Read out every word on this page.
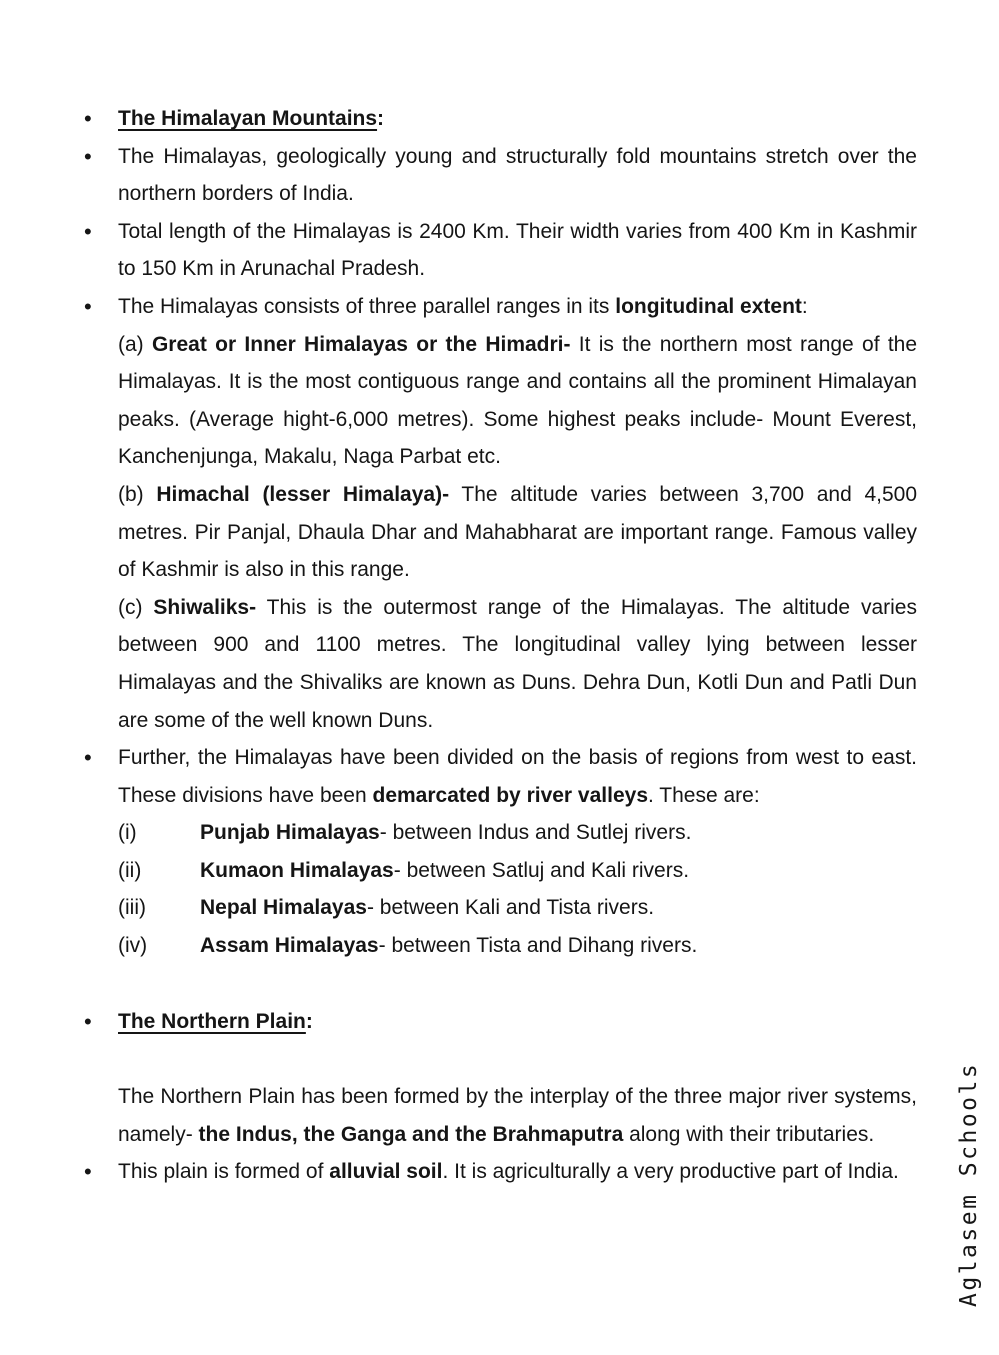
•	The Himalayan Mountains:
•	The Himalayas, geologically young and structurally fold mountains stretch over the northern borders of India.
•	Total length of the Himalayas is 2400 Km. Their width varies from 400 Km in Kashmir to 150 Km in Arunachal Pradesh.
•	The Himalayas consists of three parallel ranges in its longitudinal extent:
(a) Great or Inner Himalayas or the Himadri- It is the northern most range of the Himalayas. It is the most contiguous range and contains all the prominent Himalayan peaks. (Average hight-6,000 metres). Some highest peaks include- Mount Everest, Kanchenjunga, Makalu, Naga Parbat etc.
(b) Himachal (lesser Himalaya)- The altitude varies between 3,700 and 4,500 metres. Pir Panjal, Dhaula Dhar and Mahabharat are important range. Famous valley of Kashmir is also in this range.
(c) Shiwaliks- This is the outermost range of the Himalayas. The altitude varies between 900 and 1100 metres. The longitudinal valley lying between lesser Himalayas and the Shivaliks are known as Duns. Dehra Dun, Kotli Dun and Patli Dun are some of the well known Duns.
•	Further, the Himalayas have been divided on the basis of regions from west to east. These divisions have been demarcated by river valleys. These are:
(i)	Punjab Himalayas- between Indus and Sutlej rivers.
(ii)	Kumaon Himalayas- between Satluj and Kali rivers.
(iii)	Nepal Himalayas- between Kali and Tista rivers.
(iv)	Assam Himalayas- between Tista and Dihang rivers.
•	The Northern Plain:
The Northern Plain has been formed by the interplay of the three major river systems, namely- the Indus, the Ganga and the Brahmaputra along with their tributaries.
•	This plain is formed of alluvial soil. It is agriculturally a very productive part of India.	Aglasem Schools
